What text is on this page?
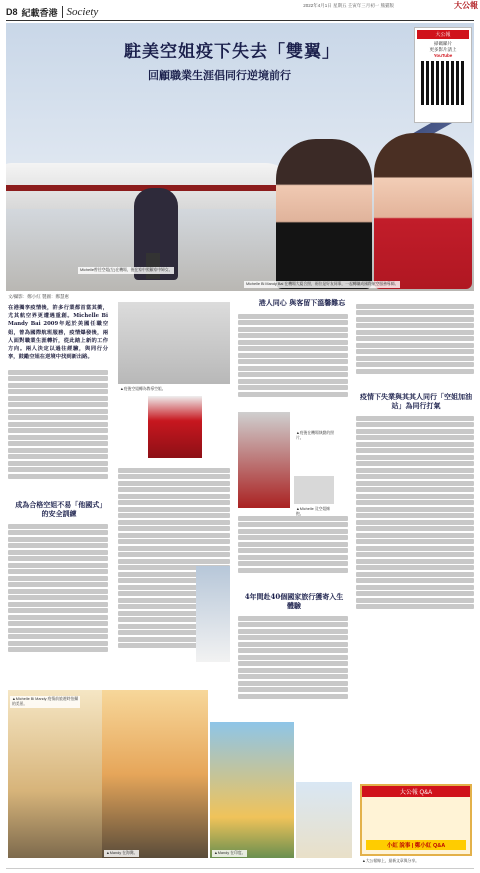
D8 紀載香港 Society
2022年4月1日 星期五 壬寅年三月初一 熊猫版	大公報
駐美空姐疫下失去「雙翼」
回顧職業生涯倡同行逆境前行
大公報
掃碼睇片
更多影片請上
YouTube
Michelle曾任空姐(左)在機場，後在家中照顧家中婦女。
Michelle Bi Mandy Bai 在機場大廈合照，兩位是好友同事，一起轉職成國際航空服務導師。
文/攝影：鄭小紅 製圖：鄭慧惠
在港獨享疫情後，許多行業都首當其衝，尤其航空界更遭遇重創。Michelle Bi Mandy Bai 2009年起於美國任職空姐，曾為國際航班服務，疫情爆發後，兩人面對職業生涯轉折，從此踏上新的工作方向。兩人決定以過往經驗，與同行分享，鼓勵空姐在逆境中找到新出路。
成為合格空姐不易「他國式」的安全訓練
▲疫後空姐轉為教導空姐。
▲疫後在機場執勤的照片。
▲Michelle 及空姐擁抱。
港人同心 與客留下溫馨難忘
4年間赴40個國家旅行獲寄入生體驗
疫情下失業與其其人同行「空姐加油站」為同行打氣
▲Michelle Bi Mandy 疫情前旅遊時拍攝的美景。
▲Mandy 在印度。
▲Mandy 在海灣。
大公報 Q&A
小紅 說事 | 鄭小紅 Q&A
▲大公報線上，最新文章與分享。
